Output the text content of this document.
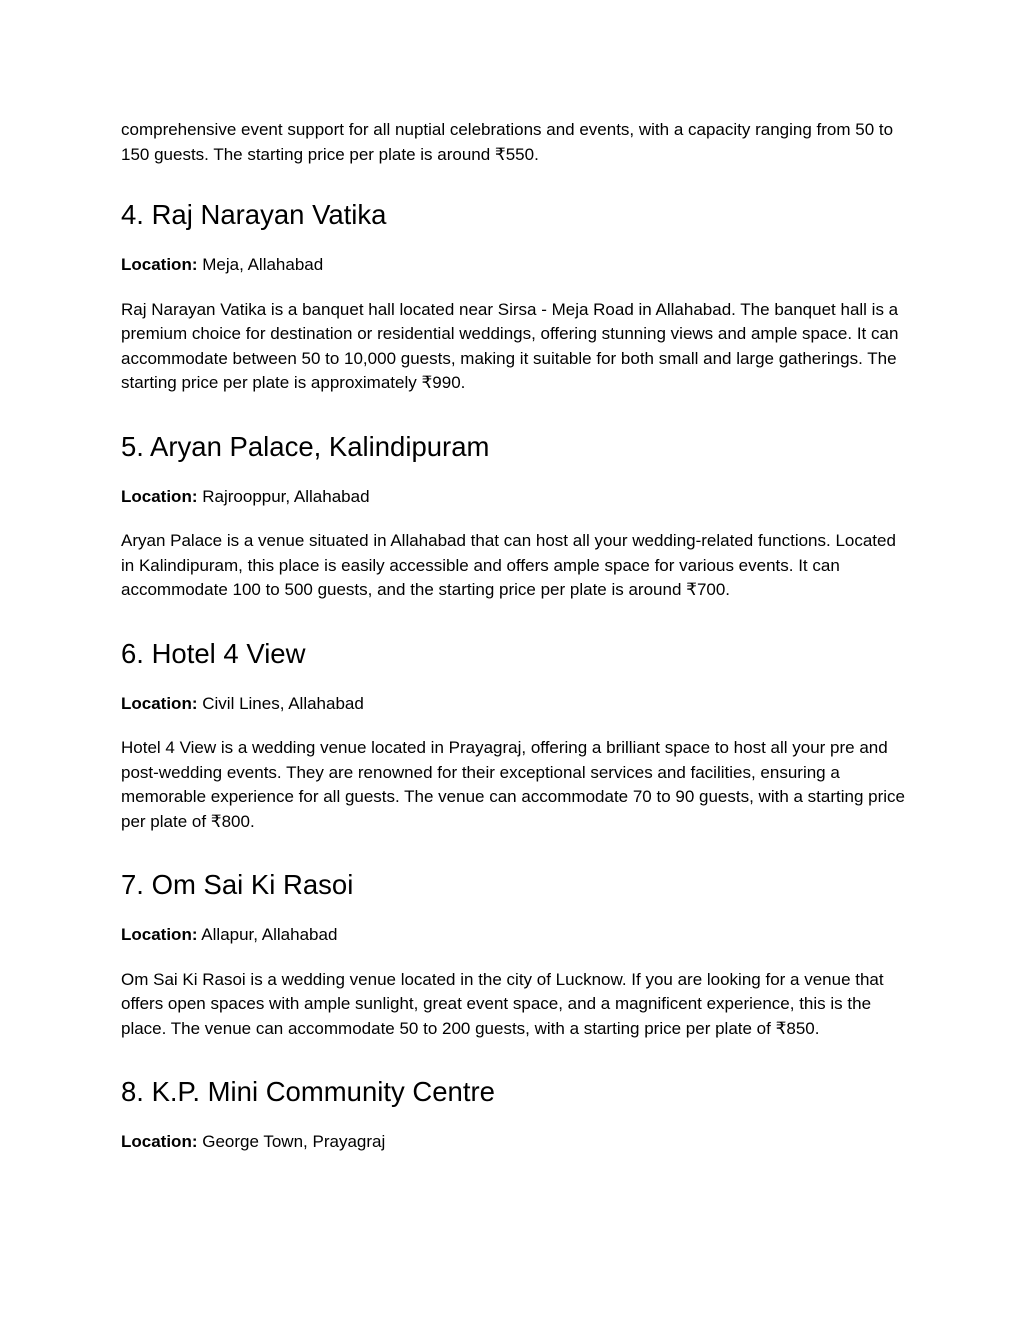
comprehensive event support for all nuptial celebrations and events, with a capacity ranging from 50 to 150 guests. The starting price per plate is around ₹550.

4. Raj Narayan Vatika

Location: Meja, Allahabad

Raj Narayan Vatika is a banquet hall located near Sirsa - Meja Road in Allahabad. The banquet hall is a premium choice for destination or residential weddings, offering stunning views and ample space. It can accommodate between 50 to 10,000 guests, making it suitable for both small and large gatherings. The starting price per plate is approximately ₹990.

5. Aryan Palace, Kalindipuram

Location: Rajrooppur, Allahabad

Aryan Palace is a venue situated in Allahabad that can host all your wedding-related functions. Located in Kalindipuram, this place is easily accessible and offers ample space for various events. It can accommodate 100 to 500 guests, and the starting price per plate is around ₹700.

6. Hotel 4 View

Location: Civil Lines, Allahabad

Hotel 4 View is a wedding venue located in Prayagraj, offering a brilliant space to host all your pre and post-wedding events. They are renowned for their exceptional services and facilities, ensuring a memorable experience for all guests. The venue can accommodate 70 to 90 guests, with a starting price per plate of ₹800.

7. Om Sai Ki Rasoi

Location: Allapur, Allahabad

Om Sai Ki Rasoi is a wedding venue located in the city of Lucknow. If you are looking for a venue that offers open spaces with ample sunlight, great event space, and a magnificent experience, this is the place. The venue can accommodate 50 to 200 guests, with a starting price per plate of ₹850.

8. K.P. Mini Community Centre

Location: George Town, Prayagraj
